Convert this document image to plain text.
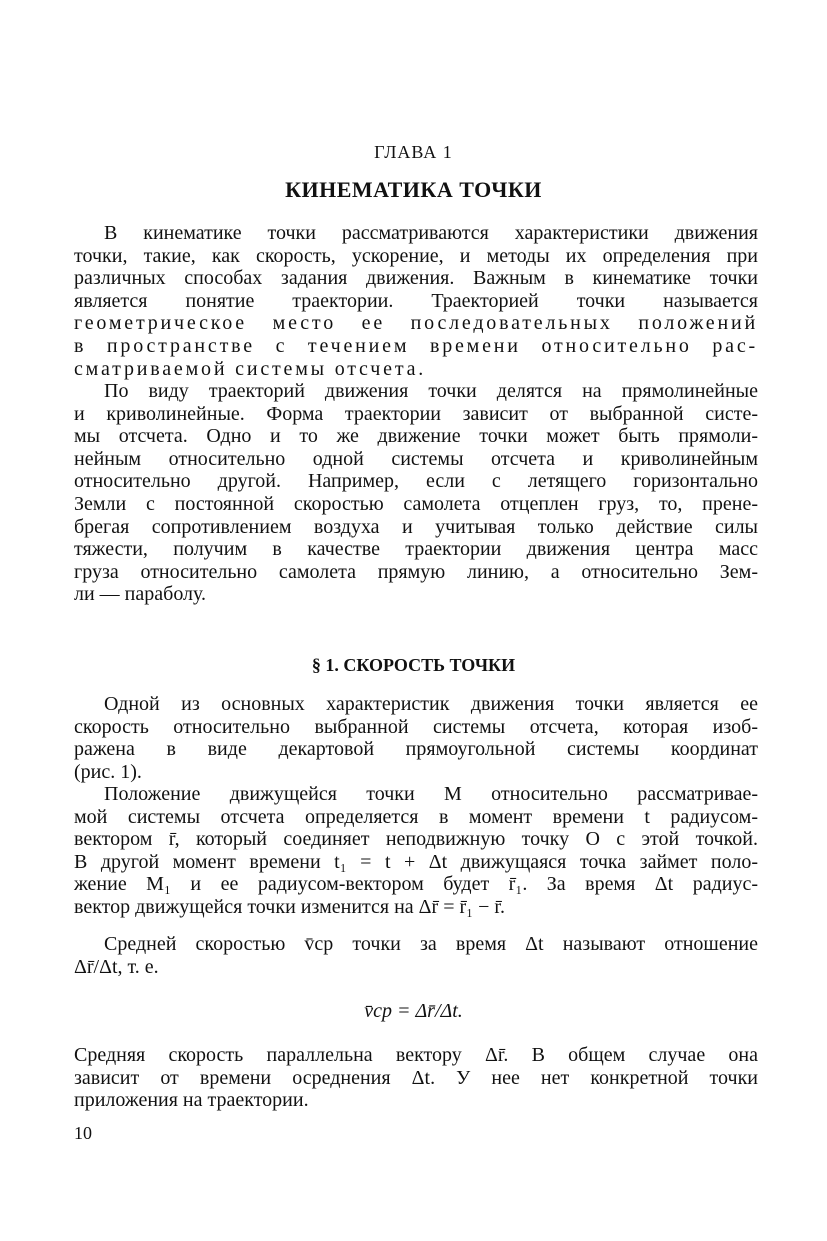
ГЛАВА 1
КИНЕМАТИКА ТОЧКИ
В кинематике точки рассматриваются характеристики движения
точки, такие, как скорость, ускорение, и методы их определения при
различных способах задания движения. Важным в кинематике точки
является понятие траектории. Траекторией точки называется
геометрическое место ее последовательных положений
в пространстве с течением времени относительно рас-
сматриваемой системы отсчета.
По виду траекторий движения точки делятся на прямолинейные
и криволинейные. Форма траектории зависит от выбранной систе-
мы отсчета. Одно и то же движение точки может быть прямоли-
нейным относительно одной системы отсчета и криволинейным
относительно другой. Например, если с летящего горизонтально
Земли с постоянной скоростью самолета отцеплен груз, то, прене-
брегая сопротивлением воздуха и учитывая только действие силы
тяжести, получим в качестве траектории движения центра масс
груза относительно самолета прямую линию, а относительно Зем-
ли — параболу.
§ 1. СКОРОСТЬ ТОЧКИ
Одной из основных характеристик движения точки является ее
скорость относительно выбранной системы отсчета, которая изоб-
ражена в виде декартовой прямоугольной системы координат
(рис. 1).
Положение движущейся точки M относительно рассматривае-
мой системы отсчета определяется в момент времени t радиусом-
вектором r̄, который соединяет неподвижную точку O с этой точкой.
В другой момент времени t₁ = t + Δt движущаяся точка займет поло-
жение M₁ и ее радиусом-вектором будет r̄₁. За время Δt радиус-
вектор движущейся точки изменится на Δr̄ = r̄₁ − r̄.
Средней скоростью v̄ср точки за время Δt называют отношение
Δr̄/Δt, т. е.
v̄ср = Δr̄/Δt.
Средняя скорость параллельна вектору Δr̄. В общем случае она
зависит от времени осреднения Δt. У нее нет конкретной точки
приложения на траектории.
10
